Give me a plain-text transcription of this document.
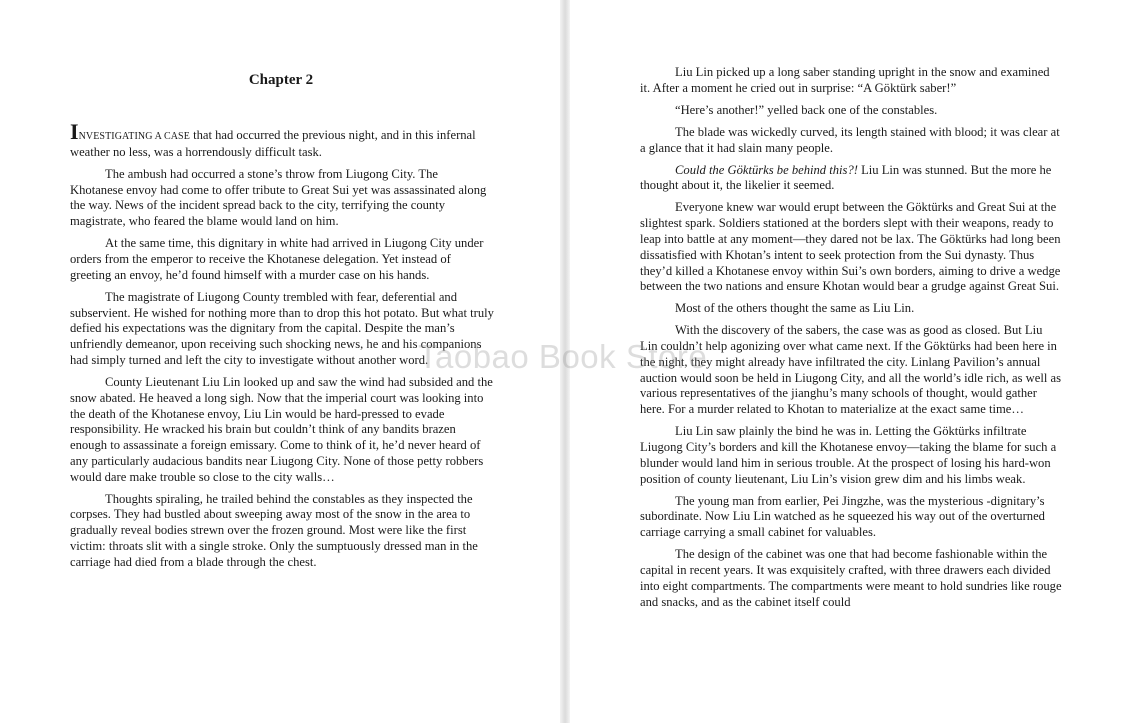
Chapter 2

INVESTIGATING A CASE that had occurred the previous night, and in this infernal weather no less, was a horrendously difficult task.

The ambush had occurred a stone’s throw from Liugong City. The Khotanese envoy had come to offer tribute to Great Sui yet was assassinated along the way. News of the incident spread back to the city, terrifying the county magistrate, who feared the blame would land on him.

At the same time, this dignitary in white had arrived in Liugong City under orders from the emperor to receive the Khotanese delegation. Yet instead of greeting an envoy, he’d found himself with a murder case on his hands.

The magistrate of Liugong County trembled with fear, deferential and subservient. He wished for nothing more than to drop this hot potato. But what truly defied his expectations was the dignitary from the capital. Despite the man’s unfriendly demeanor, upon receiving such shocking news, he and his companions had simply turned and left the city to investigate without another word.

County Lieutenant Liu Lin looked up and saw the wind had subsided and the snow abated. He heaved a long sigh. Now that the imperial court was looking into the death of the Khotanese envoy, Liu Lin would be hard-pressed to evade responsibility. He wracked his brain but couldn’t think of any bandits brazen enough to assassinate a foreign emissary. Come to think of it, he’d never heard of any particularly audacious bandits near Liugong City. None of those petty robbers would dare make trouble so close to the city walls…

Thoughts spiraling, he trailed behind the constables as they inspected the corpses. They had bustled about sweeping away most of the snow in the area to gradually reveal bodies strewn over the frozen ground. Most were like the first victim: throats slit with a single stroke. Only the sumptuously dressed man in the carriage had died from a blade through the chest.

Liu Lin picked up a long saber standing upright in the snow and examined it. After a moment he cried out in surprise: “A Göktürk saber!”

“Here’s another!” yelled back one of the constables.

The blade was wickedly curved, its length stained with blood; it was clear at a glance that it had slain many people.

Could the Göktürks be behind this?! Liu Lin was stunned. But the more he thought about it, the likelier it seemed.

Everyone knew war would erupt between the Göktürks and Great Sui at the slightest spark. Soldiers stationed at the borders slept with their weapons, ready to leap into battle at any moment—they dared not be lax. The Göktürks had long been dissatisfied with Khotan’s intent to seek protection from the Sui dynasty. Thus they’d killed a Khotanese envoy within Sui’s own borders, aiming to drive a wedge between the two nations and ensure Khotan would bear a grudge against Great Sui.

Most of the others thought the same as Liu Lin.

With the discovery of the sabers, the case was as good as closed. But Liu Lin couldn’t help agonizing over what came next. If the Göktürks had been here in the night, they might already have infiltrated the city. Linlang Pavilion’s annual auction would soon be held in Liugong City, and all the world’s idle rich, as well as various representatives of the jianghu’s many schools of thought, would gather here. For a murder related to Khotan to materialize at the exact same time…

Liu Lin saw plainly the bind he was in. Letting the Göktürks infiltrate Liugong City’s borders and kill the Khotanese envoy—taking the blame for such a blunder would land him in serious trouble. At the prospect of losing his hard-won position of county lieutenant, Liu Lin’s vision grew dim and his limbs weak.

The young man from earlier, Pei Jingzhe, was the mysterious -dignitary’s subordinate. Now Liu Lin watched as he squeezed his way out of the overturned carriage carrying a small cabinet for valuables.

The design of the cabinet was one that had become fashionable within the capital in recent years. It was exquisitely crafted, with three drawers each divided into eight compartments. The compartments were meant to hold sundries like rouge and snacks, and as the cabinet itself could

Taobao Book Store
